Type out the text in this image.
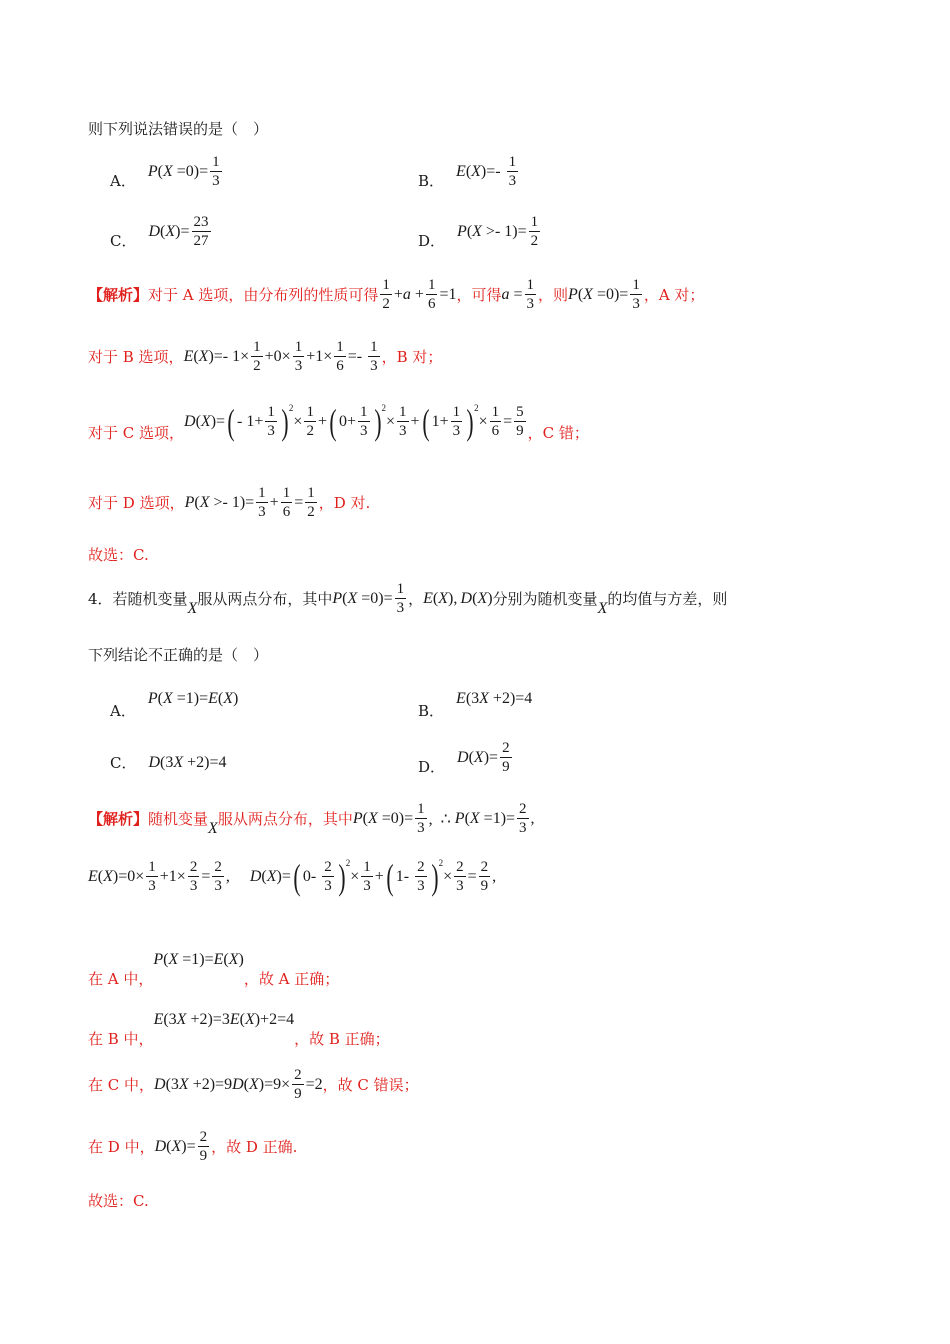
则下列说法错误的是（　）
A．
P ( $X =0)= \frac{1}{3}$	B．
E ( X )=- $\frac{1}{3}$
C．
D ( X )= $\frac{23}{27}$	D．
P ( $X >- 1)= \frac{1}{2}$
【解析】 对于 A 选项，由分布列的性质可得 $\frac{1}{2} + a + \frac{1}{6} =1$ ，可得 $a = \frac{1}{3}$ ，则 P ( $X =0)= \frac{1}{3}$ ，A 对；
对于 B 选项， E ( X )=- $1\times \frac{1}{2} +0\times \frac{1}{3} +1\times \frac{1}{6} =- \frac{1}{3}$ ，B 对；
对于 C 选项，
D ( X )= ( - $1+ \frac{1}{3}$ ) 2
× $\frac{1}{2}$ + ( $0+ \frac{1}{3}$ ) 2
× $\frac{1}{3}$ + ( $1+ \frac{1}{3}$ ) 2
× $\frac{1}{6} = \frac{5}{9}$ ，C 错；
对于 D 选项， P ( $X >- 1)= \frac{1}{3} + \frac{1}{6} = \frac{1}{2}$ ，D 对.
故选：C.
4．若随机变量 X 服从两点分布，其中 P ( $X =0)= \frac{1}{3}$ ， E ( X ),  D ( X ) 分别为随机变量 X 的均值与方差，则
下列结论不正确的是（　）
A．
P ( X =1)= E ( X )
B．
E (3 X +2)=4
C． D (3 X +2)=4	D．
D ( X )= $\frac{2}{9}$
【解析】 随机变量 X 服从两点分布，其中 P ( $X =0)= \frac{1}{3}$ ,  ∴ P ( $X =1)= \frac{2}{3}$ ,
E ( X )$=0\times \frac{1}{3} +1\times \frac{2}{3} = \frac{2}{3}$ , D ( X )= ( $0- \frac{2}{3}$ ) 2
× $\frac{1}{3}$ + ( $1- \frac{2}{3}$ ) 2
× $\frac{2}{3} = \frac{2}{9}$ ,
在 A 中，
P ( X =1)= E ( X )
，故 A 正确；
在 B 中，
E (3 X +2)=3 E ( X )+2=4
，故 B 正确；
在 C 中， D (3 X +2)=9 D ( X )$=9\times \frac{2}{9} =2$ ，故 C 错误；
在 D 中， D ( X )= $\frac{2}{9}$ ，故 D 正确.
故选：C.
